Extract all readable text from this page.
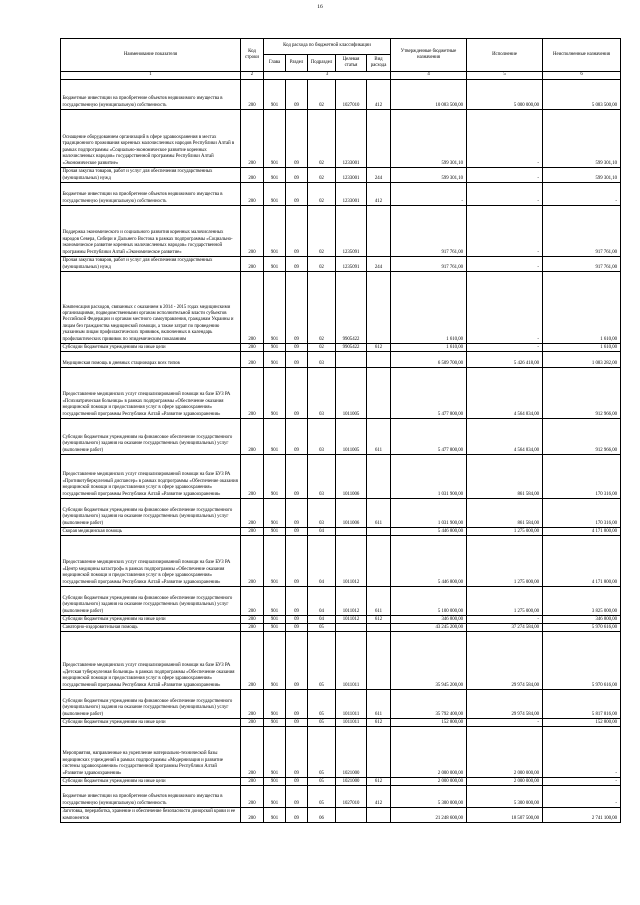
16
Наименование показателя	Код строки	Код расхода по бюджетной классификации					Утвержденные бюджетные назначения	Исполнение	Неисполненные назначения
		Глава	Раздел	Подраздел	Целевая статья	Вид расхода			
1	2	3					4	5	6
Бюджетные инвестиции на приобретение объектов недвижимого имущества в государственную (муниципальную) собственность	200	901	09	02	1027010	412	10 083 500,00	5 000 000,00	5 083 500,00
Оснащение оборудованием организаций в сфере здравоохранения в местах традиционного проживания коренных малочисленных народов Республики Алтай в рамках подпрограммы «Социально-экономическое развитие коренных малочисленных народов» государственной программы Республики Алтай «Экономическое развитие»	200	901	09	02	1233001		599 301,10	-	599 301,10
Прочая закупка товаров, работ и услуг для обеспечения государственных (муниципальных) нужд	200	901	09	02	1233001	244	599 301,10	-	599 301,10
Бюджетные инвестиции на приобретение объектов недвижимого имущества в государственную (муниципальную) собственность	200	901	09	02	1233001	412	-	-	-
Поддержка экономического и социального развития коренных малочисленных народов Севера, Сибири и Дальнего Востока в рамках подпрограммы «Социально-экономическое развитие коренных малочисленных народов» государственной программы Республики Алтай «Экономическое развитие»	200	901	09	02	1235091		917 761,00	-	917 761,00
Прочая закупка товаров, работ и услуг для обеспечения государственных (муниципальных) нужд	200	901	09	02	1235091	244	917 761,00	-	917 761,00
Компенсация расходов, связанных с оказанием в 2014 - 2015 годах медицинскими организациями, подведомственными органам исполнительной власти субъектов Российской Федерации и органам местного самоуправления, гражданам Украины и лицам без гражданства медицинской помощи, а также затрат по проведению указанным лицам профилактических прививок, включенных в календарь профилактических прививок по эпидемическим показаниям	200	901	09	02	9905422		1 610,00	-	1 610,00
Субсидии бюджетным учреждениям на иные цели	200	901	09	02	9905422	612	1 610,00	-	1 610,00
Медицинская помощь в дневных стационарах всех типов	200	901	09	03			6 509 700,00	5 426 418,00	1 083 282,00
Предоставление медицинских услуг специализированной помощи на базе БУЗ РА «Психиатрическая больница» в рамках подпрограммы «Обеспечение оказания медицинской помощи и предоставления услуг в сфере здравоохранения» государственной программы Республики Алтай «Развитие здравоохранения»	200	901	09	03	1011005		5 477 800,00	4 564 834,00	912 966,00
Субсидии бюджетным учреждениям на финансовое обеспечение государственного (муниципального) задания на оказание государственных (муниципальных) услуг (выполнение работ)	200	901	09	03	1011005	611	5 477 800,00	4 564 834,00	912 966,00
Предоставление медицинских услуг специализированной помощи на базе БУЗ РА «Противотуберкулезный диспансер» в рамках подпрограммы «Обеспечение оказания медицинской помощи и предоставления услуг в сфере здравоохранения» государственной программы Республики Алтай «Развитие здравоохранения»	200	901	09	03	1011006		1 031 900,00	861 584,00	170 316,00
Субсидии бюджетным учреждениям на финансовое обеспечение государственного (муниципального) задания на оказание государственных (муниципальных) услуг (выполнение работ)	200	901	09	03	1011006	611	1 031 900,00	861 584,00	170 316,00
Скорая медицинская помощь	200	901	09	04			5 446 800,00	1 275 000,00	4 171 800,00
Предоставление медицинских услуг специализированной помощи на базе БУЗ РА «Центр медицины катастроф» в рамках подпрограммы «Обеспечение оказания медицинской помощи и предоставления услуг в сфере здравоохранения» государственной программы Республики Алтай «Развитие здравоохранения»	200	901	09	04	1011012		5 446 800,00	1 275 000,00	4 171 800,00
Субсидии бюджетным учреждениям на финансовое обеспечение государственного (муниципального) задания на оказание государственных (муниципальных) услуг (выполнение работ)	200	901	09	04	1011012	611	5 100 000,00	1 275 000,00	3 825 000,00
Субсидии бюджетным учреждениям на иные цели	200	901	09	04	1011012	612	346 800,00	-	346 800,00
Санаторно-оздоровительная помощь	200	901	09	05			43 245 200,00	37 274 584,00	5 970 616,00
Предоставление медицинских услуг специализированной помощи на базе БУЗ РА «Детская туберкулезная больница» в рамках подпрограммы «Обеспечение оказания медицинской помощи и предоставления услуг в сфере здравоохранения» государственной программы Республики Алтай «Развитие здравоохранения»	200	901	09	05	1011011		35 945 200,00	29 974 584,00	5 970 616,00
Субсидии бюджетным учреждениям на финансовое обеспечение государственного (муниципального) задания на оказание государственных (муниципальных) услуг (выполнение работ)	200	901	09	05	1011011	611	35 792 400,00	29 974 584,00	5 817 816,00
Субсидии бюджетным учреждениям на иные цели	200	901	09	05	1011011	612	152 800,00	-	152 800,00
Мероприятия, направленные на укрепление материально-технической базы медицинских учреждений в рамках подпрограммы «Модернизация и развитие системы здравоохранения» государственной программы Республики Алтай «Развитие здравоохранения»	200	901	09	05	1021000		2 000 000,00	2 000 000,00	-
Субсидии бюджетным учреждениям на иные цели	200	901	09	05	1021000	612	2 000 000,00	2 000 000,00	-
Бюджетные инвестиции на приобретение объектов недвижимого имущества в государственную (муниципальную) собственность	200	901	09	05	1027010	412	5 300 000,00	5 300 000,00	-
Заготовка, переработка, хранение и обеспечение безопасности донорской крови и ее компонентов	200	901	09	06			21 248 600,00	18 507 500,00	2 741 100,00
